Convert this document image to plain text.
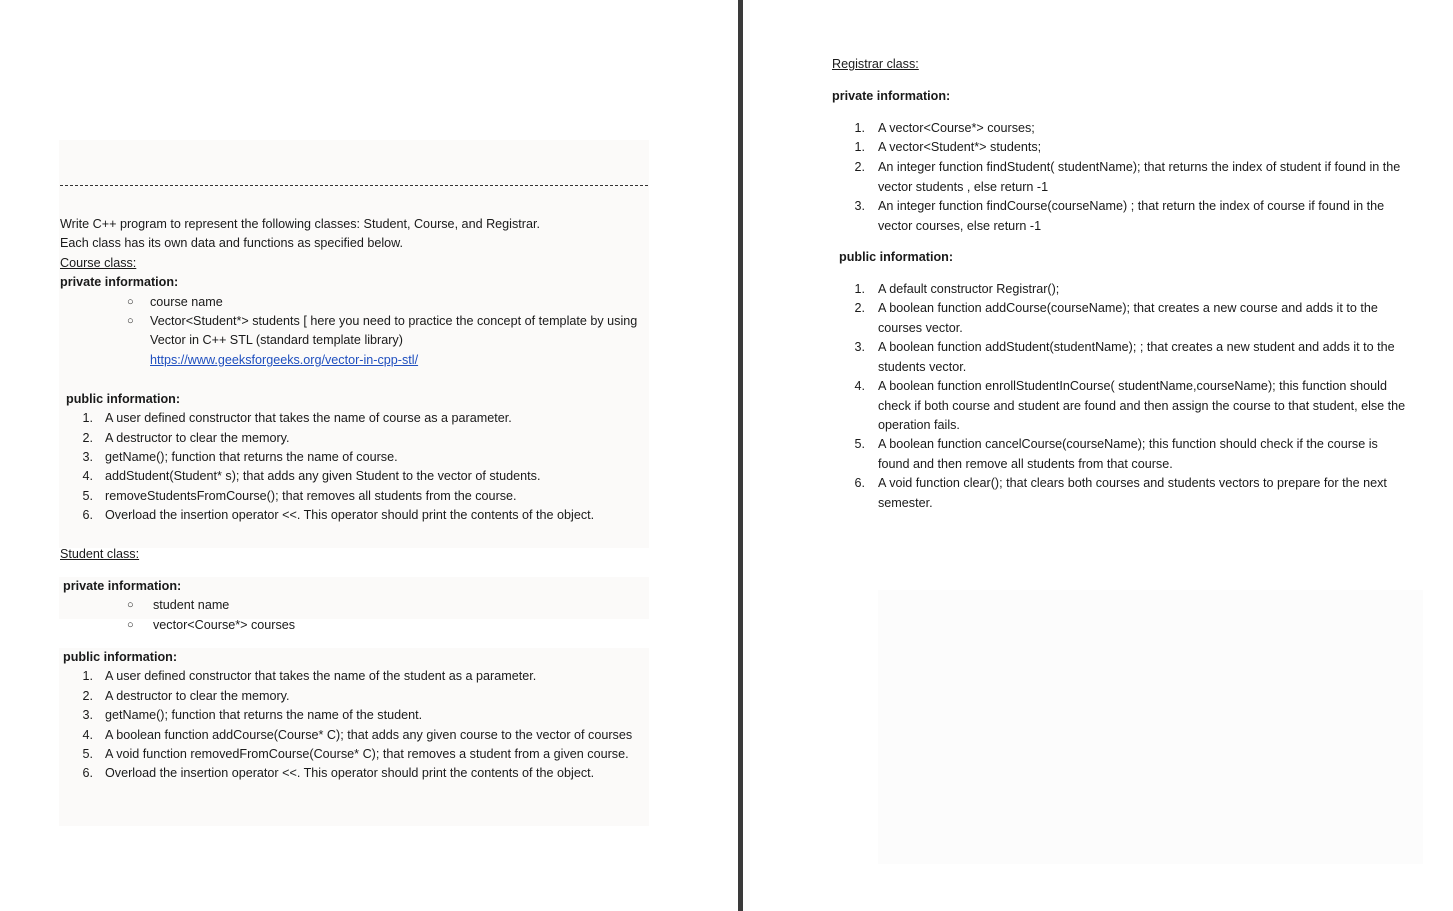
Write C++ program to represent the following classes: Student, Course, and Registrar.
Each class has its own data and functions as specified below.
Course class:
private information:
○ course name
○ Vector<Student*> students [ here you need to practice the concept of template by using
Vector in C++ STL (standard template library)
https://www.geeksforgeeks.org/vector-in-cpp-stl/
public information:
1. A user defined constructor that takes the name of course as a parameter.
2. A destructor to clear the memory.
3. getName(); function that returns the name of course.
4. addStudent(Student* s); that adds any given Student to the vector of students.
5. removeStudentsFromCourse(); that removes all students from the course.
6. Overload the insertion operator <<. This operator should print the contents of the object.
Student class:
private information:
○ student name
○ vector<Course*> courses
public information:
1. A user defined constructor that takes the name of the student as a parameter.
2. A destructor to clear the memory.
3. getName(); function that returns the name of the student.
4. A boolean function addCourse(Course* C); that adds any given course to the vector of courses
5. A void function removedFromCourse(Course* C); that removes a student from a given course.
6. Overload the insertion operator <<. This operator should print the contents of the object.
Registrar class:
private information:
1. A vector<Course*> courses;
1. A vector<Student*> students;
2. An integer function findStudent( studentName); that returns the index of student if found in the vector students , else return -1
3. An integer function findCourse(courseName) ; that return the index of course if found in the vector courses, else return -1
public information:
1. A default constructor Registrar();
2. A boolean function addCourse(courseName); that creates a new course and adds it to the courses vector.
3. A boolean function addStudent(studentName); ; that creates a new student and adds it to the students vector.
4. A boolean function enrollStudentInCourse( studentName,courseName); this function should check if both course and student are found and then assign the course to that student, else the operation fails.
5. A boolean function cancelCourse(courseName); this function should check if the course is found and then remove all students from that course.
6. A void function clear(); that clears both courses and students vectors to prepare for the next semester.
